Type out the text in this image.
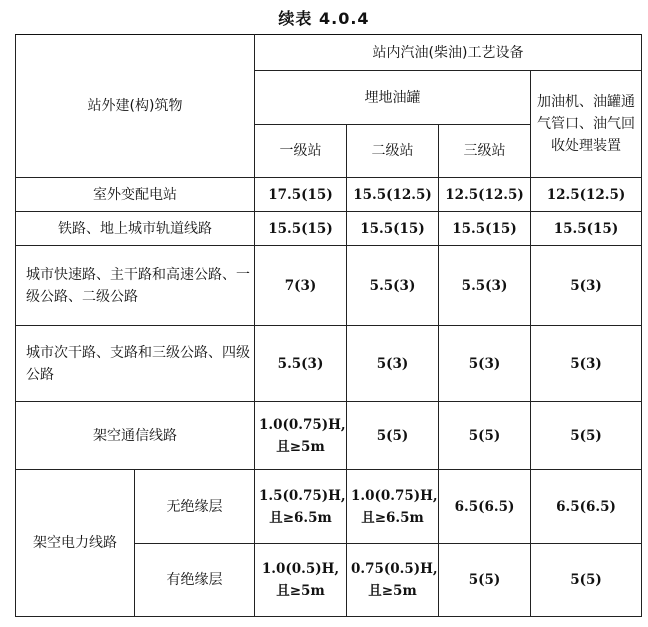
续表 4.0.4
站外建(构)筑物		站内汽油(柴油)工艺设备			
		埋地油罐			加油机、油罐通气管口、油气回收处理装置
		一级站	二级站	三级站	
室外变配电站		17.5(15)	15.5(12.5)	12.5(12.5)	12.5(12.5)
铁路、地上城市轨道线路		15.5(15)	15.5(15)	15.5(15)	15.5(15)
城市快速路、主干路和高速公路、一级公路、二级公路		7(3)	5.5(3)	5.5(3)	5(3)
城市次干路、支路和三级公路、四级公路		5.5(3)	5(3)	5(3)	5(3)
架空通信线路		1.0(0.75)H,且≥5m	5(5)	5(5)	5(5)
架空电力线路	无绝缘层	1.5(0.75)H,且≥6.5m	1.0(0.75)H,且≥6.5m	6.5(6.5)	6.5(6.5)
	有绝缘层	1.0(0.5)H,且≥5m	0.75(0.5)H,且≥5m	5(5)	5(5)
